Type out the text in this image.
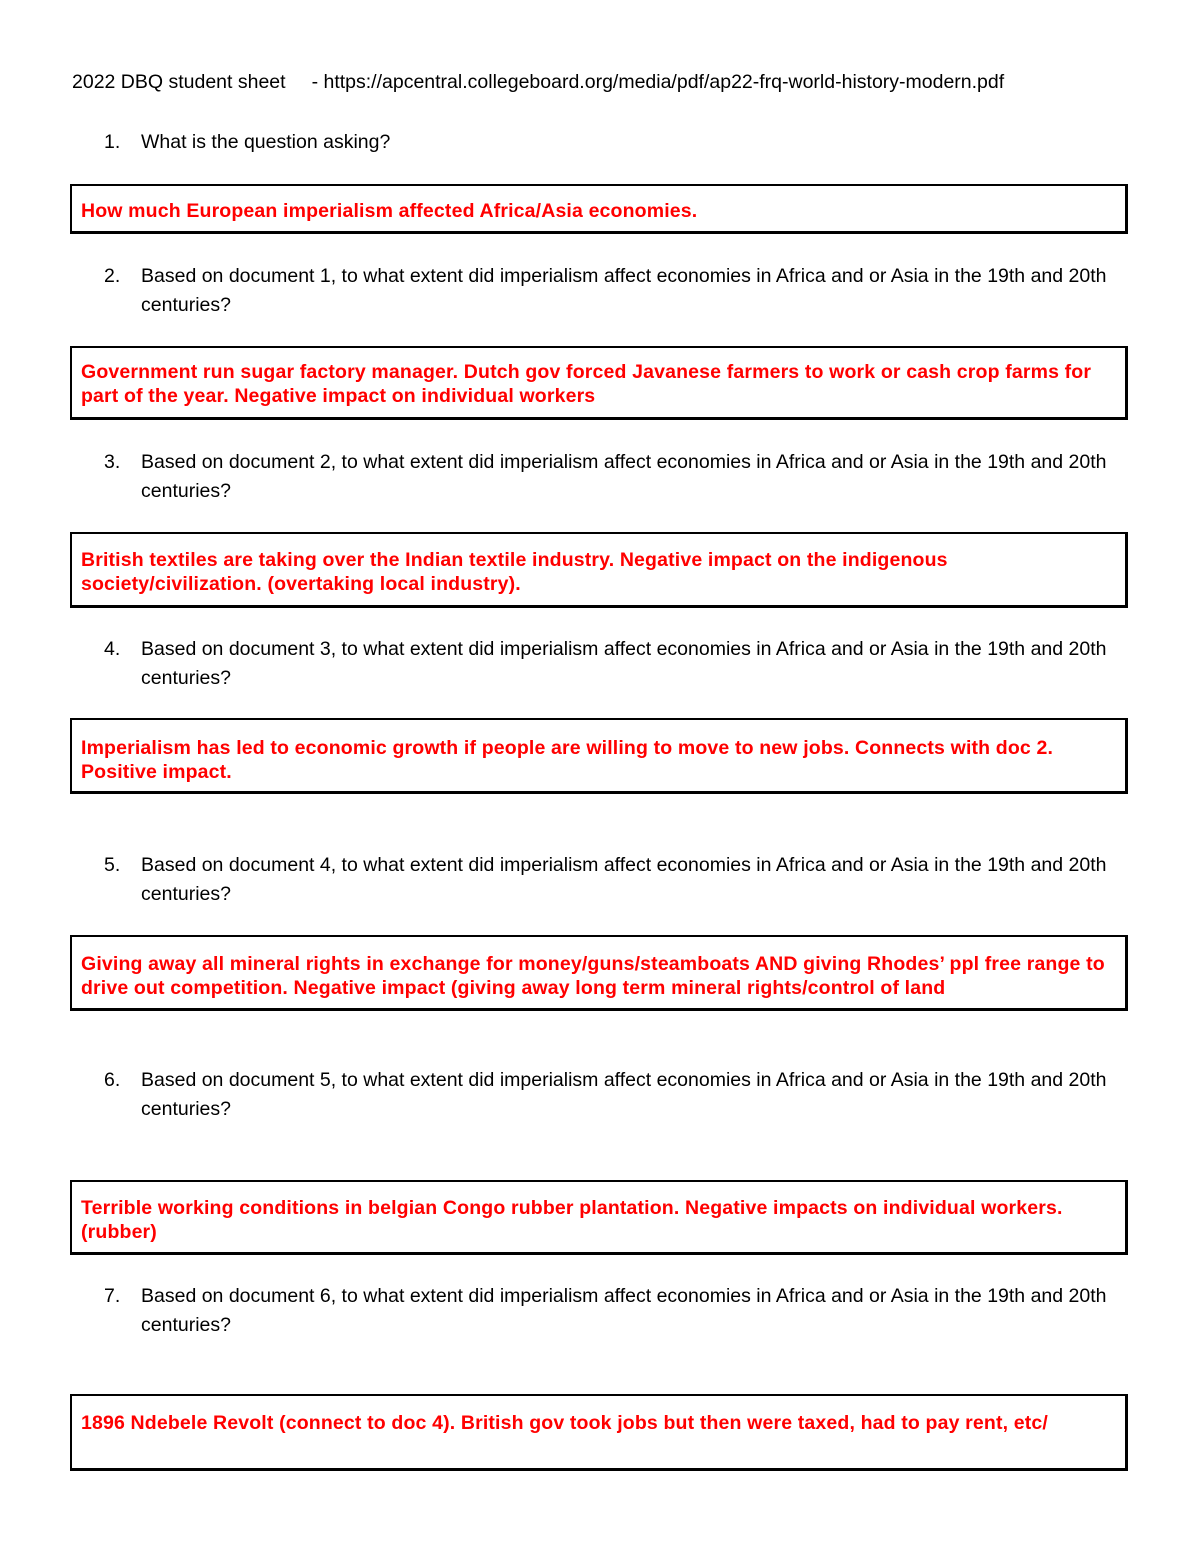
2022 DBQ student sheet - https://apcentral.collegeboard.org/media/pdf/ap22-frq-world-history-modern.pdf
1. What is the question asking?
How much European imperialism affected Africa/Asia economies.
2. Based on document 1, to what extent did imperialism affect economies in Africa and or Asia in the 19th and 20th centuries?
Government run sugar factory manager. Dutch gov forced Javanese farmers to work or cash crop farms for part of the year. Negative impact on individual workers
3. Based on document 2, to what extent did imperialism affect economies in Africa and or Asia in the 19th and 20th centuries?
British textiles are taking over the Indian textile industry. Negative impact on the indigenous society/civilization. (overtaking local industry).
4. Based on document 3, to what extent did imperialism affect economies in Africa and or Asia in the 19th and 20th centuries?
Imperialism has led to economic growth if people are willing to move to new jobs. Connects with doc 2. Positive impact.
5. Based on document 4, to what extent did imperialism affect economies in Africa and or Asia in the 19th and 20th centuries?
Giving away all mineral rights in exchange for money/guns/steamboats AND giving Rhodes’ ppl free range to drive out competition. Negative impact (giving away long term mineral rights/control of land
6. Based on document 5, to what extent did imperialism affect economies in Africa and or Asia in the 19th and 20th centuries?
Terrible working conditions in belgian Congo rubber plantation. Negative impacts on individual workers. (rubber)
7. Based on document 6, to what extent did imperialism affect economies in Africa and or Asia in the 19th and 20th centuries?
1896 Ndebele Revolt (connect to doc 4). British gov took jobs but then were taxed, had to pay rent, etc/
